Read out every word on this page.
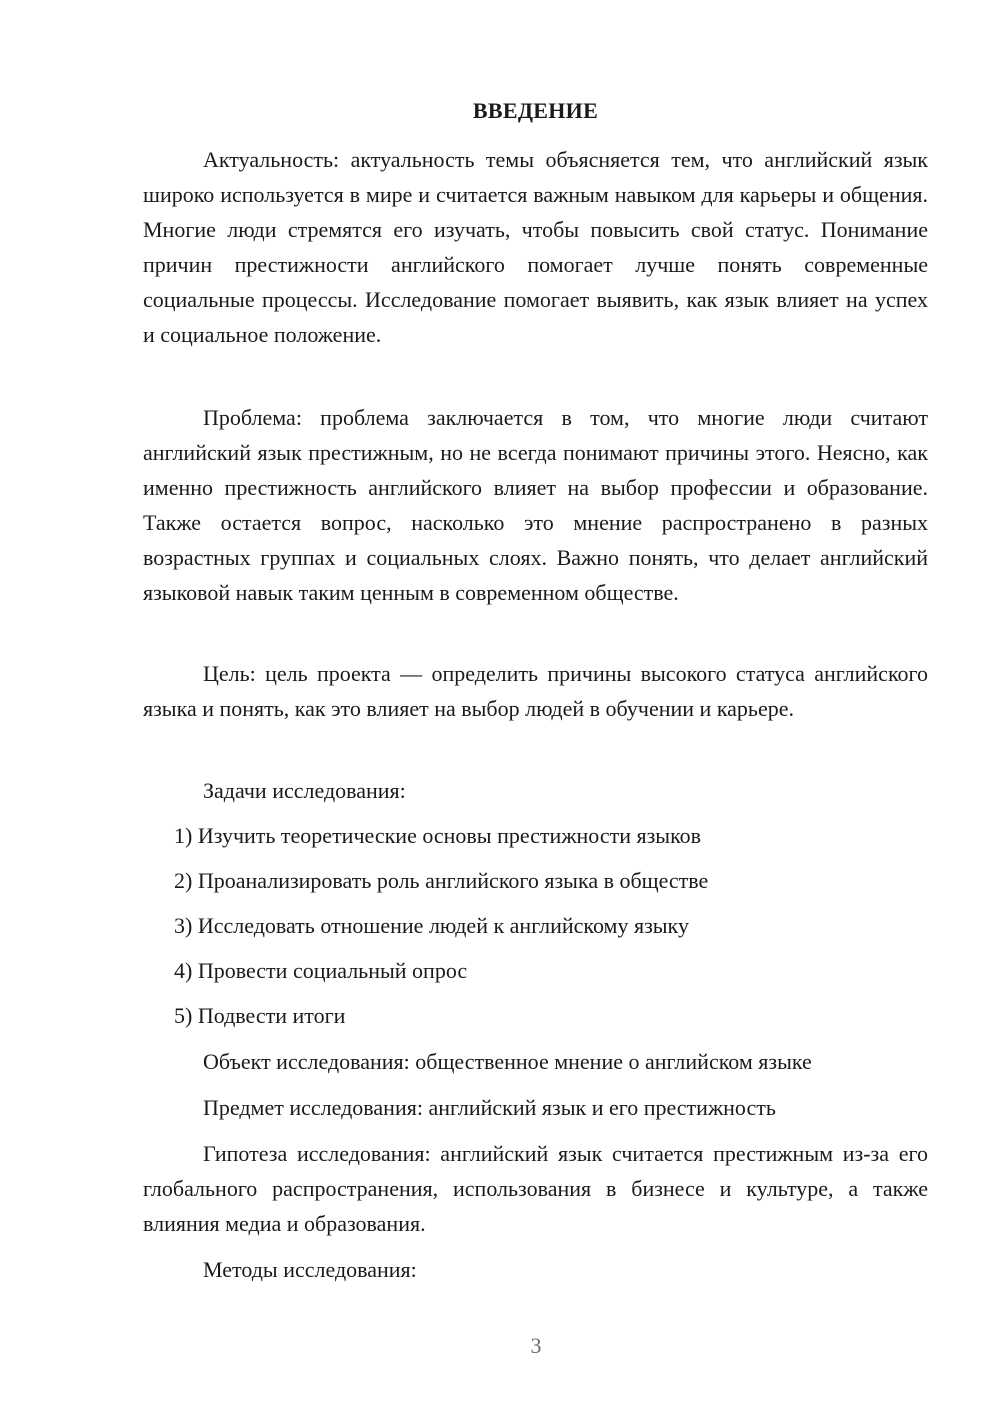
ВВЕДЕНИЕ

Актуальность: актуальность темы объясняется тем, что английский язык широко используется в мире и считается важным навыком для карьеры и общения. Многие люди стремятся его изучать, чтобы повысить свой статус. Понимание причин престижности английского помогает лучше понять современные социальные процессы. Исследование помогает выявить, как язык влияет на успех и социальное положение.

Проблема: проблема заключается в том, что многие люди считают английский язык престижным, но не всегда понимают причины этого. Неясно, как именно престижность английского влияет на выбор профессии и образование. Также остается вопрос, насколько это мнение распространено в разных возрастных группах и социальных слоях. Важно понять, что делает английский языковой навык таким ценным в современном обществе.

Цель: цель проекта — определить причины высокого статуса английского языка и понять, как это влияет на выбор людей в обучении и карьере.

Задачи исследования:

1) Изучить теоретические основы престижности языков

2) Проанализировать роль английского языка в обществе

3) Исследовать отношение людей к английскому языку

4) Провести социальный опрос

5) Подвести итоги

Объект исследования: общественное мнение о английском языке

Предмет исследования: английский язык и его престижность

Гипотеза исследования: английский язык считается престижным из-за его глобального распространения, использования в бизнесе и культуре, а также влияния медиа и образования.

Методы исследования:

3
